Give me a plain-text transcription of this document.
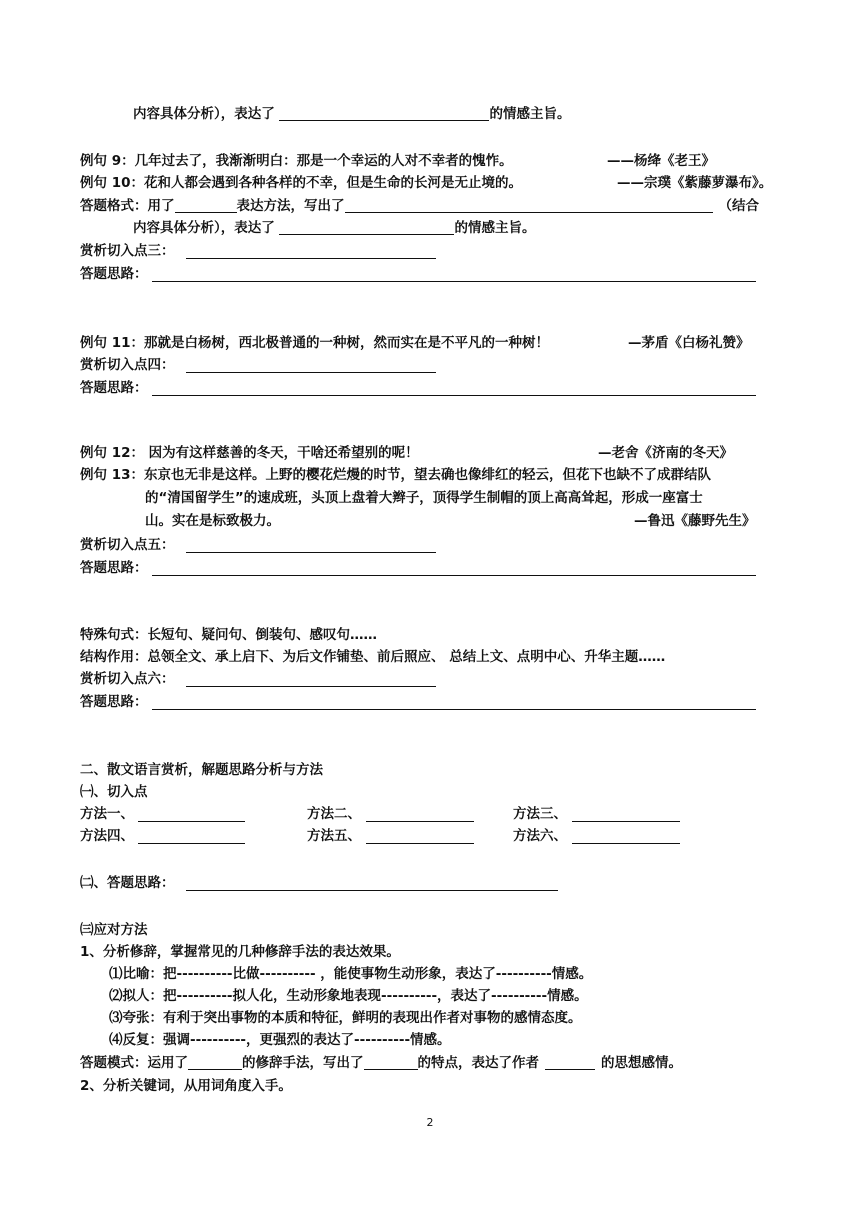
内容具体分析），表达了	的情感主旨。
例句 9：几年过去了，我渐渐明白：那是一个幸运的人对不幸者的愧怍。	——杨绛《老王》
例句 10：花和人都会遇到各种各样的不幸，但是生命的长河是无止境的。	——宗璞《紫藤萝瀑布》。
答题格式：用了	表达方法，写出了	（结合
内容具体分析），表达了	的情感主旨。
赏析切入点三：
答题思路：
例句 11：那就是白杨树，西北极普通的一种树，然而实在是不平凡的一种树！	—茅盾《白杨礼赞》
赏析切入点四：
答题思路：
例句 12： 因为有这样慈善的冬天，干啥还希望别的呢！	—老舍《济南的冬天》
例句 13：东京也无非是这样。上野的樱花烂熳的时节，望去确也像绯红的轻云，但花下也缺不了成群结队
的“清国留学生”的速成班，头顶上盘着大辫子，顶得学生制帽的顶上高高耸起，形成一座富士
山。实在是标致极力。	—鲁迅《藤野先生》
赏析切入点五：
答题思路：
特殊句式：长短句、疑问句、倒装句、感叹句……
结构作用：总领全文、承上启下、为后文作铺垫、前后照应、 总结上文、点明中心、升华主题……
赏析切入点六：
答题思路：
二、散文语言赏析，解题思路分析与方法
㈠、切入点
方法一、	方法二、	方法三、
方法四、	方法五、	方法六、
㈡、答题思路：
㈢应对方法
1、分析修辞，掌握常见的几种修辞手法的表达效果。
⑴比喻：把----------比做---------- ，能使事物生动形象，表达了----------情感。
⑵拟人：把----------拟人化，生动形象地表现----------，表达了----------情感。
⑶夸张：有利于突出事物的本质和特征，鲜明的表现出作者对事物的感情态度。
⑷反复：强调----------，更强烈的表达了----------情感。
答题模式：运用了	的修辞手法，写出了	的特点，表达了作者	的思想感情。
2、分析关键词，从用词角度入手。
2
